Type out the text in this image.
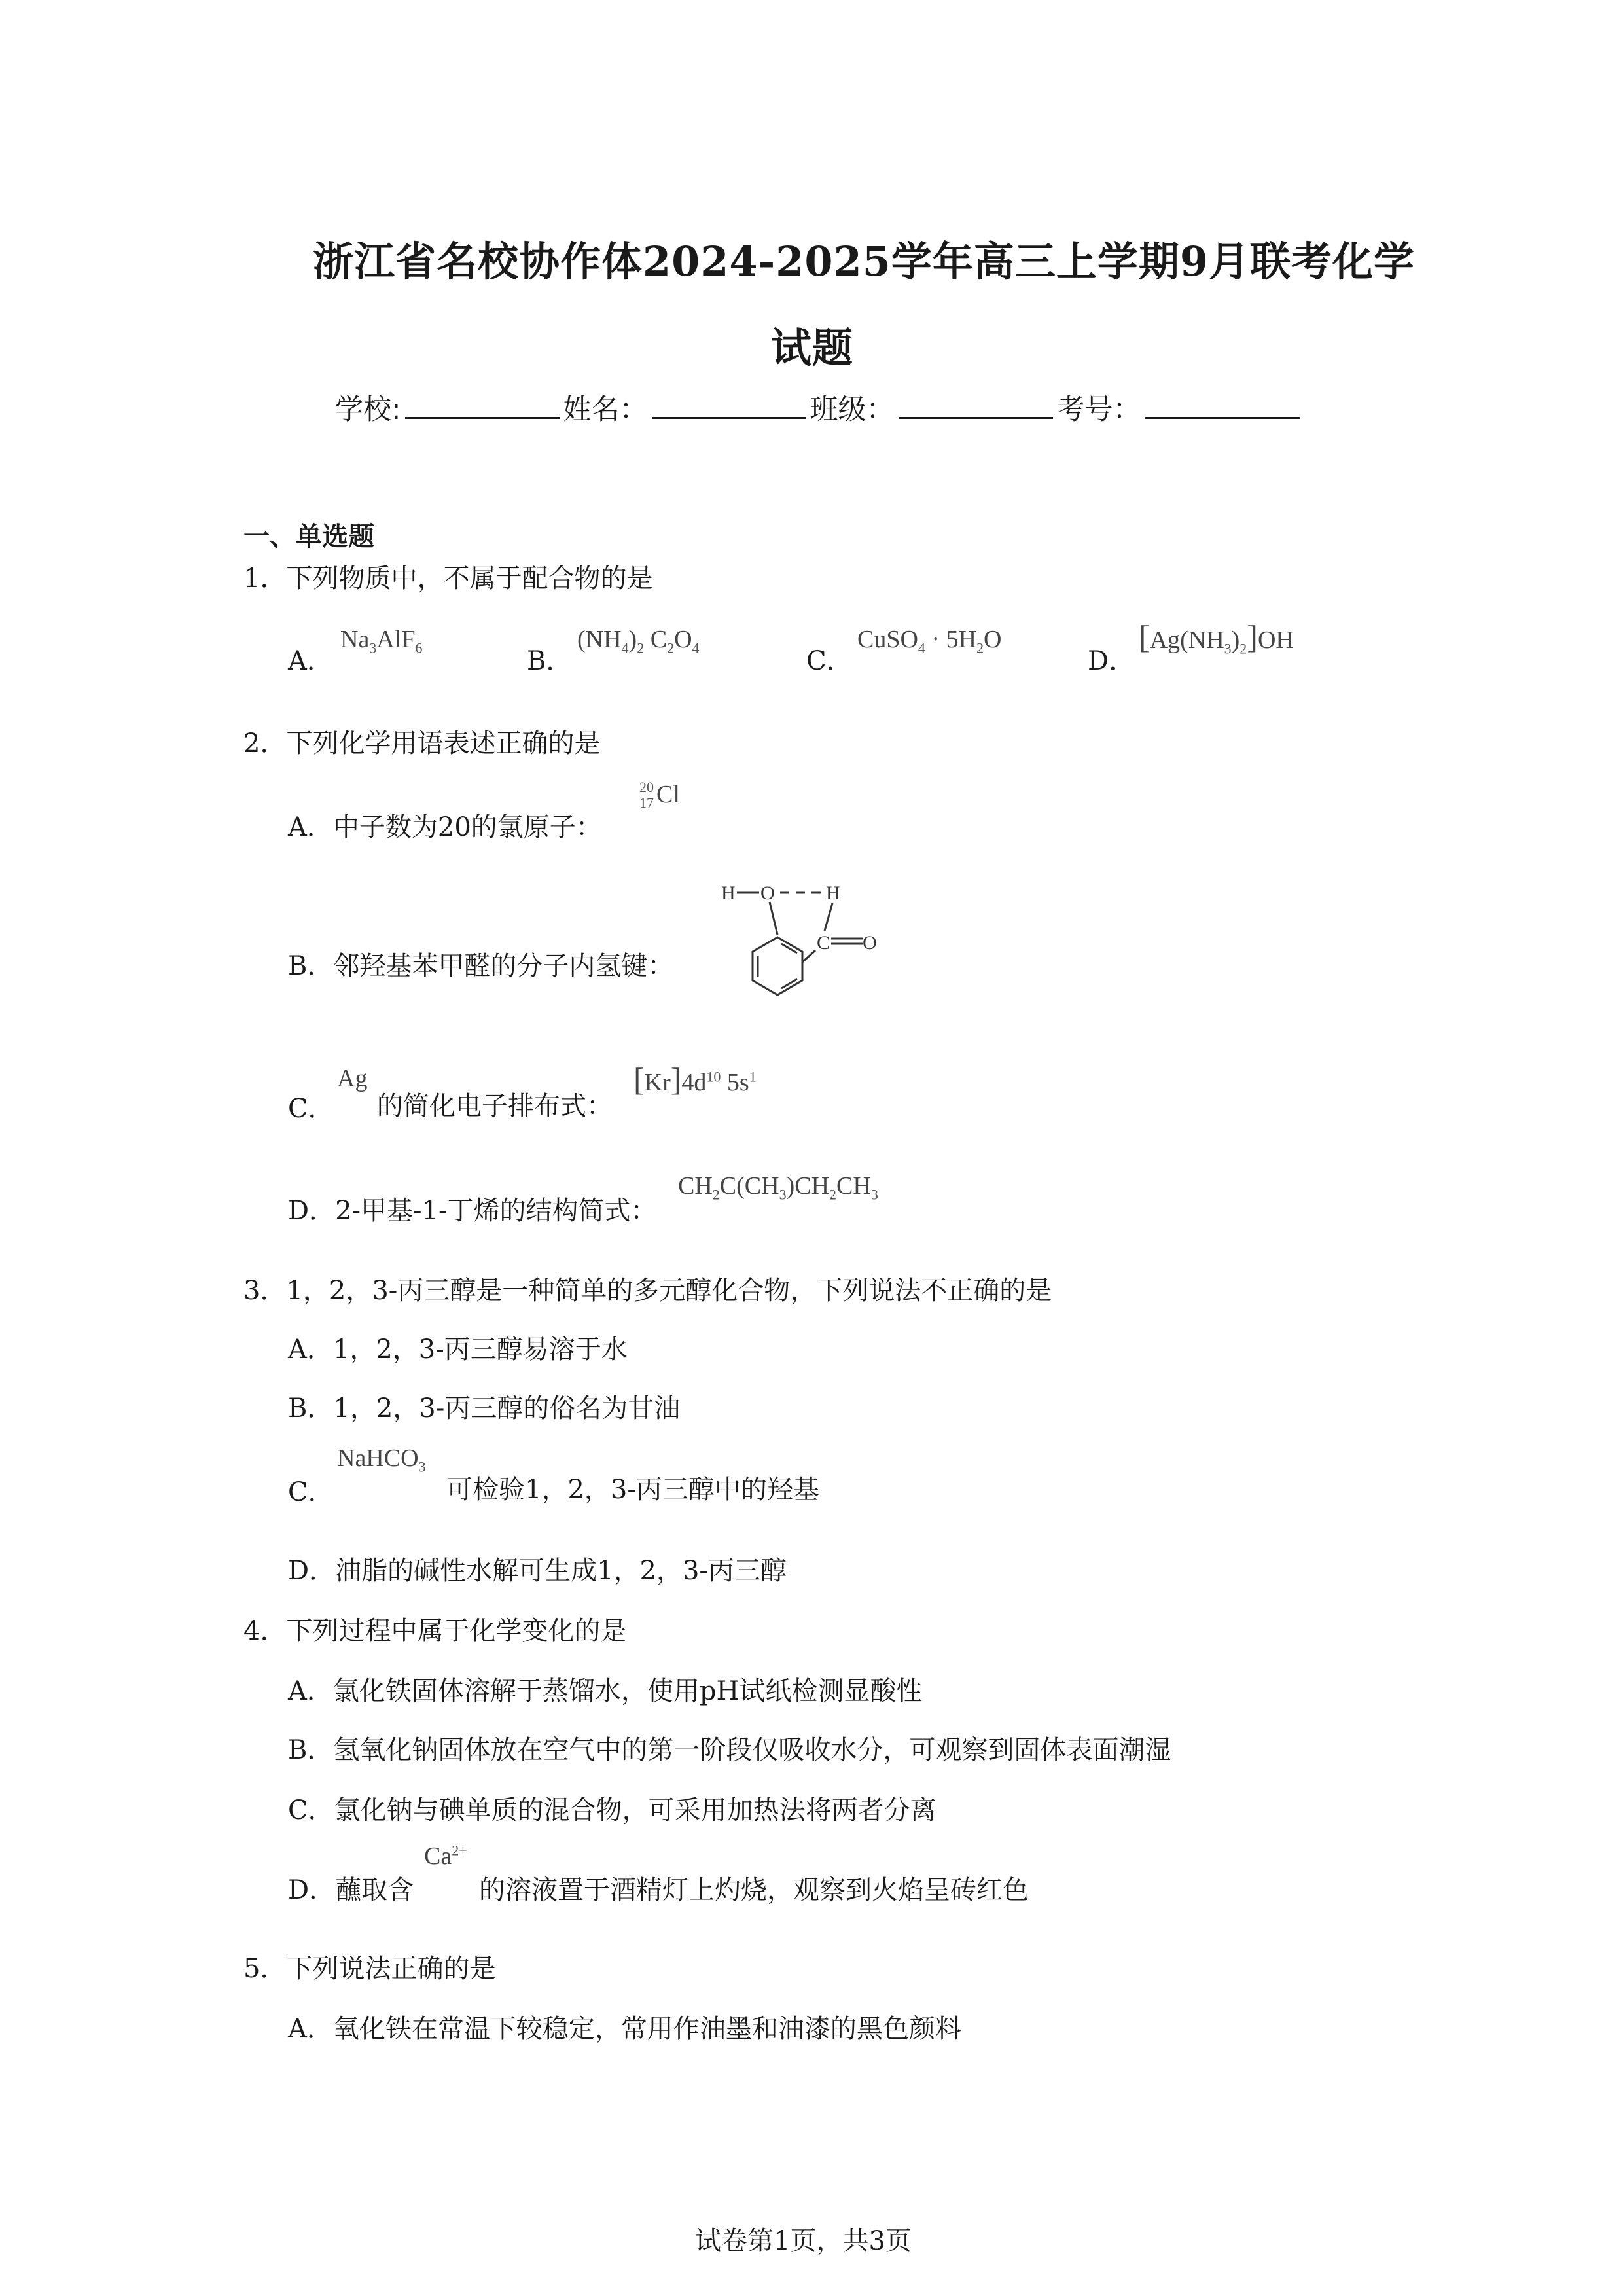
浙江省名校协作体2024-2025学年高三上学期9月联考化学
试题
学校:	姓名：	班级：	考号：
一、单选题
1．下列物质中，不属于配合物的是
A．
$Na_3AlF_6$	B．
$(NH_4)_2$ $C_2O_4$	C．
CuSO$_4$ · $5H_2O$
D．
$[Ag(NH_3)_2]OH$
2．下列化学用语表述正确的是
A．中子数为20的氯原子：
20
17 Cl
B．邻羟基苯甲醛的分子内氢键：
H O	H
C O
C．
Ag
的简化电子排布式：
$[Kr]4d^{10}$ $5s^1$
D．2-甲基-1-丁烯的结构简式：
$CH_2C(CH_3)CH_2CH_3$
3．1，2，3-丙三醇是一种简单的多元醇化合物，下列说法不正确的是
A．1，2，3-丙三醇易溶于水
B．1，2，3-丙三醇的俗名为甘油
C．
NaHCO$_3$
可检验1，2，3-丙三醇中的羟基
D．油脂的碱性水解可生成1，2，3-丙三醇
4．下列过程中属于化学变化的是
A．氯化铁固体溶解于蒸馏水，使用pH试纸检测显酸性
B．氢氧化钠固体放在空气中的第一阶段仅吸收水分，可观察到固体表面潮湿
C．氯化钠与碘单质的混合物，可采用加热法将两者分离
D．蘸取含
$Ca^{2+}$
的溶液置于酒精灯上灼烧，观察到火焰呈砖红色
5．下列说法正确的是
A．氧化铁在常温下较稳定，常用作油墨和油漆的黑色颜料
试卷第1页，共3页
